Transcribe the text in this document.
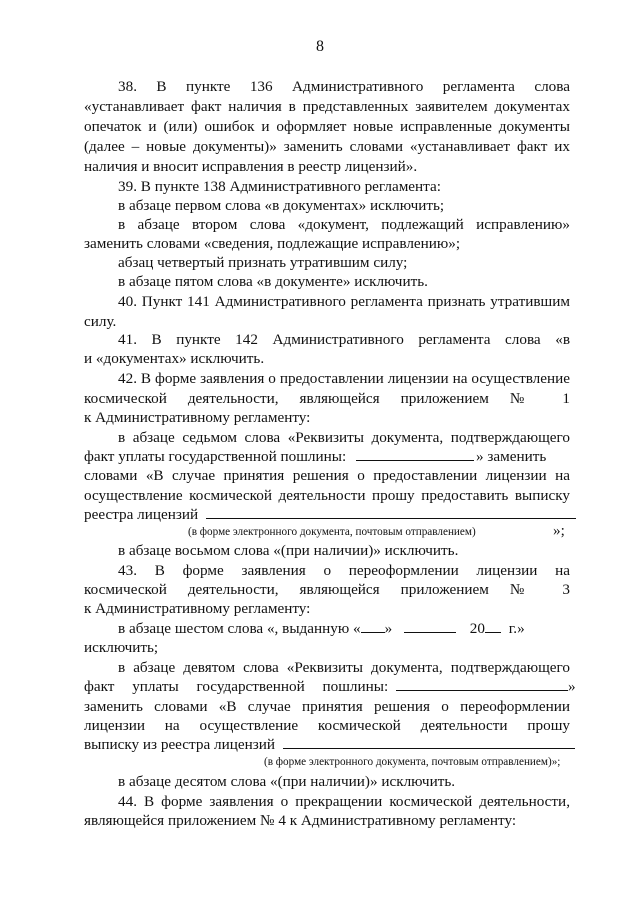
8
38. В пункте 136 Административного регламента слова
«устанавливает факт наличия в представленных заявителем документах
опечаток и (или) ошибок и оформляет новые исправленные документы
(далее – новые документы)» заменить словами «устанавливает факт их
наличия и вносит исправления в реестр лицензий».
39. В пункте 138 Административного регламента:
в абзаце первом слова «в документах» исключить;
в абзаце втором слова «документ, подлежащий исправлению»
заменить словами «сведения, подлежащие исправлению»;
абзац четвертый признать утратившим силу;
в абзаце пятом слова «в документе» исключить.
40. Пункт 141 Административного регламента признать утратившим
силу.
41. В пункте 142 Административного регламента слова «в
и «документах» исключить.
42. В форме заявления о предоставлении лицензии на осуществление
космической деятельности, являющейся приложением № 1
к Административному регламенту:
в абзаце седьмом слова «Реквизиты документа, подтверждающего
факт уплаты государственной пошлины:	» заменить
словами «В случае принятия решения о предоставлении лицензии на
осуществление космической деятельности прошу предоставить выписку
реестра лицензий
(в форме электронного документа, почтовым отправлением)	»;
в абзаце восьмом слова «(при наличии)» исключить.
43. В форме заявления о переоформлении лицензии на
космической деятельности, являющейся приложением № 3
к Административному регламенту:
в абзаце шестом слова «, выданную « »	20 г.»
исключить;
в абзаце девятом слова «Реквизиты документа, подтверждающего
факт уплаты государственной пошлины:	»
заменить словами «В случае принятия решения о переоформлении
лицензии на осуществление космической деятельности прошу
выписку из реестра лицензий
(в форме электронного документа, почтовым отправлением)»;
в абзаце десятом слова «(при наличии)» исключить.
44. В форме заявления о прекращении космической деятельности,
являющейся приложением № 4 к Административному регламенту:
